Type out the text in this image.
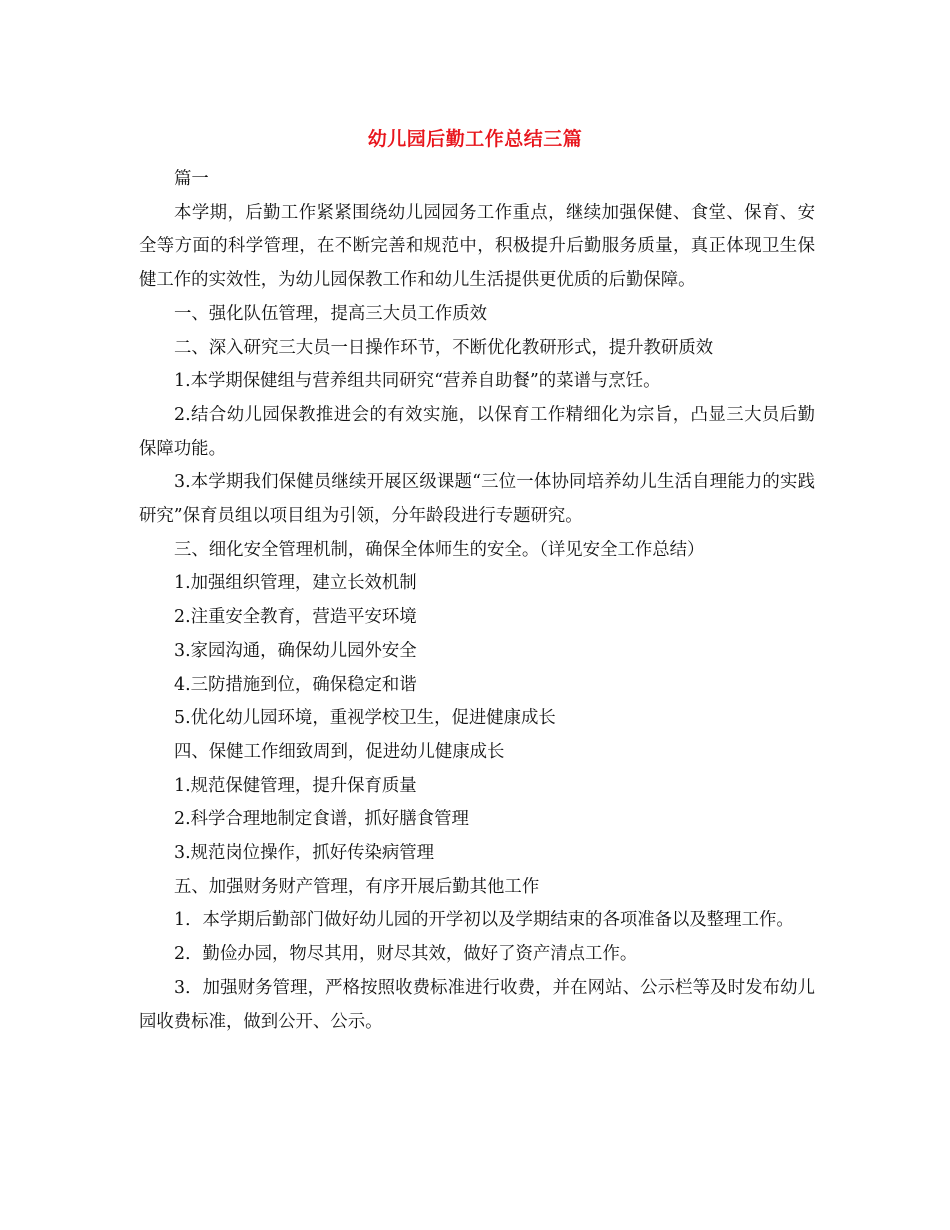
幼儿园后勤工作总结三篇

篇一

本学期，后勤工作紧紧围绕幼儿园园务工作重点，继续加强保健、食堂、保育、安全等方面的科学管理，在不断完善和规范中，积极提升后勤服务质量，真正体现卫生保健工作的实效性，为幼儿园保教工作和幼儿生活提供更优质的后勤保障。

一、强化队伍管理，提高三大员工作质效

二、深入研究三大员一日操作环节，不断优化教研形式，提升教研质效

1.本学期保健组与营养组共同研究“营养自助餐”的菜谱与烹饪。

2.结合幼儿园保教推进会的有效实施，以保育工作精细化为宗旨，凸显三大员后勤保障功能。

3.本学期我们保健员继续开展区级课题“三位一体协同培养幼儿生活自理能力的实践研究”保育员组以项目组为引领，分年龄段进行专题研究。

三、细化安全管理机制，确保全体师生的安全。（详见安全工作总结）

1.加强组织管理，建立长效机制

2.注重安全教育，营造平安环境

3.家园沟通，确保幼儿园外安全

4.三防措施到位，确保稳定和谐

5.优化幼儿园环境，重视学校卫生，促进健康成长

四、保健工作细致周到，促进幼儿健康成长

1.规范保健管理，提升保育质量

2.科学合理地制定食谱，抓好膳食管理

3.规范岗位操作，抓好传染病管理

五、加强财务财产管理，有序开展后勤其他工作

1．本学期后勤部门做好幼儿园的开学初以及学期结束的各项准备以及整理工作。

2．勤俭办园，物尽其用，财尽其效，做好了资产清点工作。

3．加强财务管理，严格按照收费标准进行收费，并在网站、公示栏等及时发布幼儿园收费标准，做到公开、公示。
